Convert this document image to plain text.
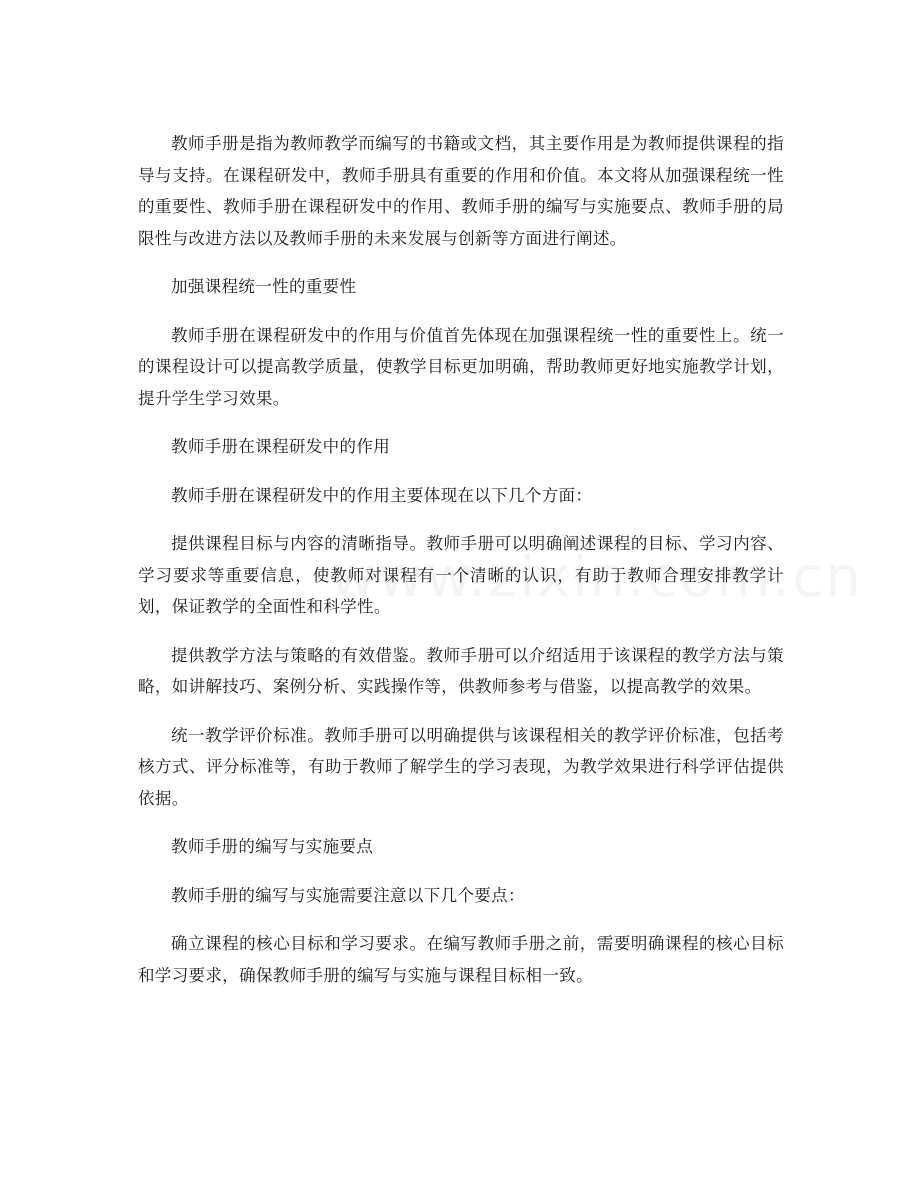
教师手册是指为教师教学而编写的书籍或文档，其主要作用是为教师提供课程的指导与支持。在课程研发中，教师手册具有重要的作用和价值。本文将从加强课程统一性的重要性、教师手册在课程研发中的作用、教师手册的编写与实施要点、教师手册的局限性与改进方法以及教师手册的未来发展与创新等方面进行阐述。

加强课程统一性的重要性

教师手册在课程研发中的作用与价值首先体现在加强课程统一性的重要性上。统一的课程设计可以提高教学质量，使教学目标更加明确，帮助教师更好地实施教学计划，提升学生学习效果。

教师手册在课程研发中的作用

教师手册在课程研发中的作用主要体现在以下几个方面：

提供课程目标与内容的清晰指导。教师手册可以明确阐述课程的目标、学习内容、学习要求等重要信息，使教师对课程有一个清晰的认识，有助于教师合理安排教学计划，保证教学的全面性和科学性。

提供教学方法与策略的有效借鉴。教师手册可以介绍适用于该课程的教学方法与策略，如讲解技巧、案例分析、实践操作等，供教师参考与借鉴，以提高教学的效果。

统一教学评价标准。教师手册可以明确提供与该课程相关的教学评价标准，包括考核方式、评分标准等，有助于教师了解学生的学习表现，为教学效果进行科学评估提供依据。

教师手册的编写与实施要点

教师手册的编写与实施需要注意以下几个要点：

确立课程的核心目标和学习要求。在编写教师手册之前，需要明确课程的核心目标和学习要求，确保教师手册的编写与实施与课程目标相一致。
